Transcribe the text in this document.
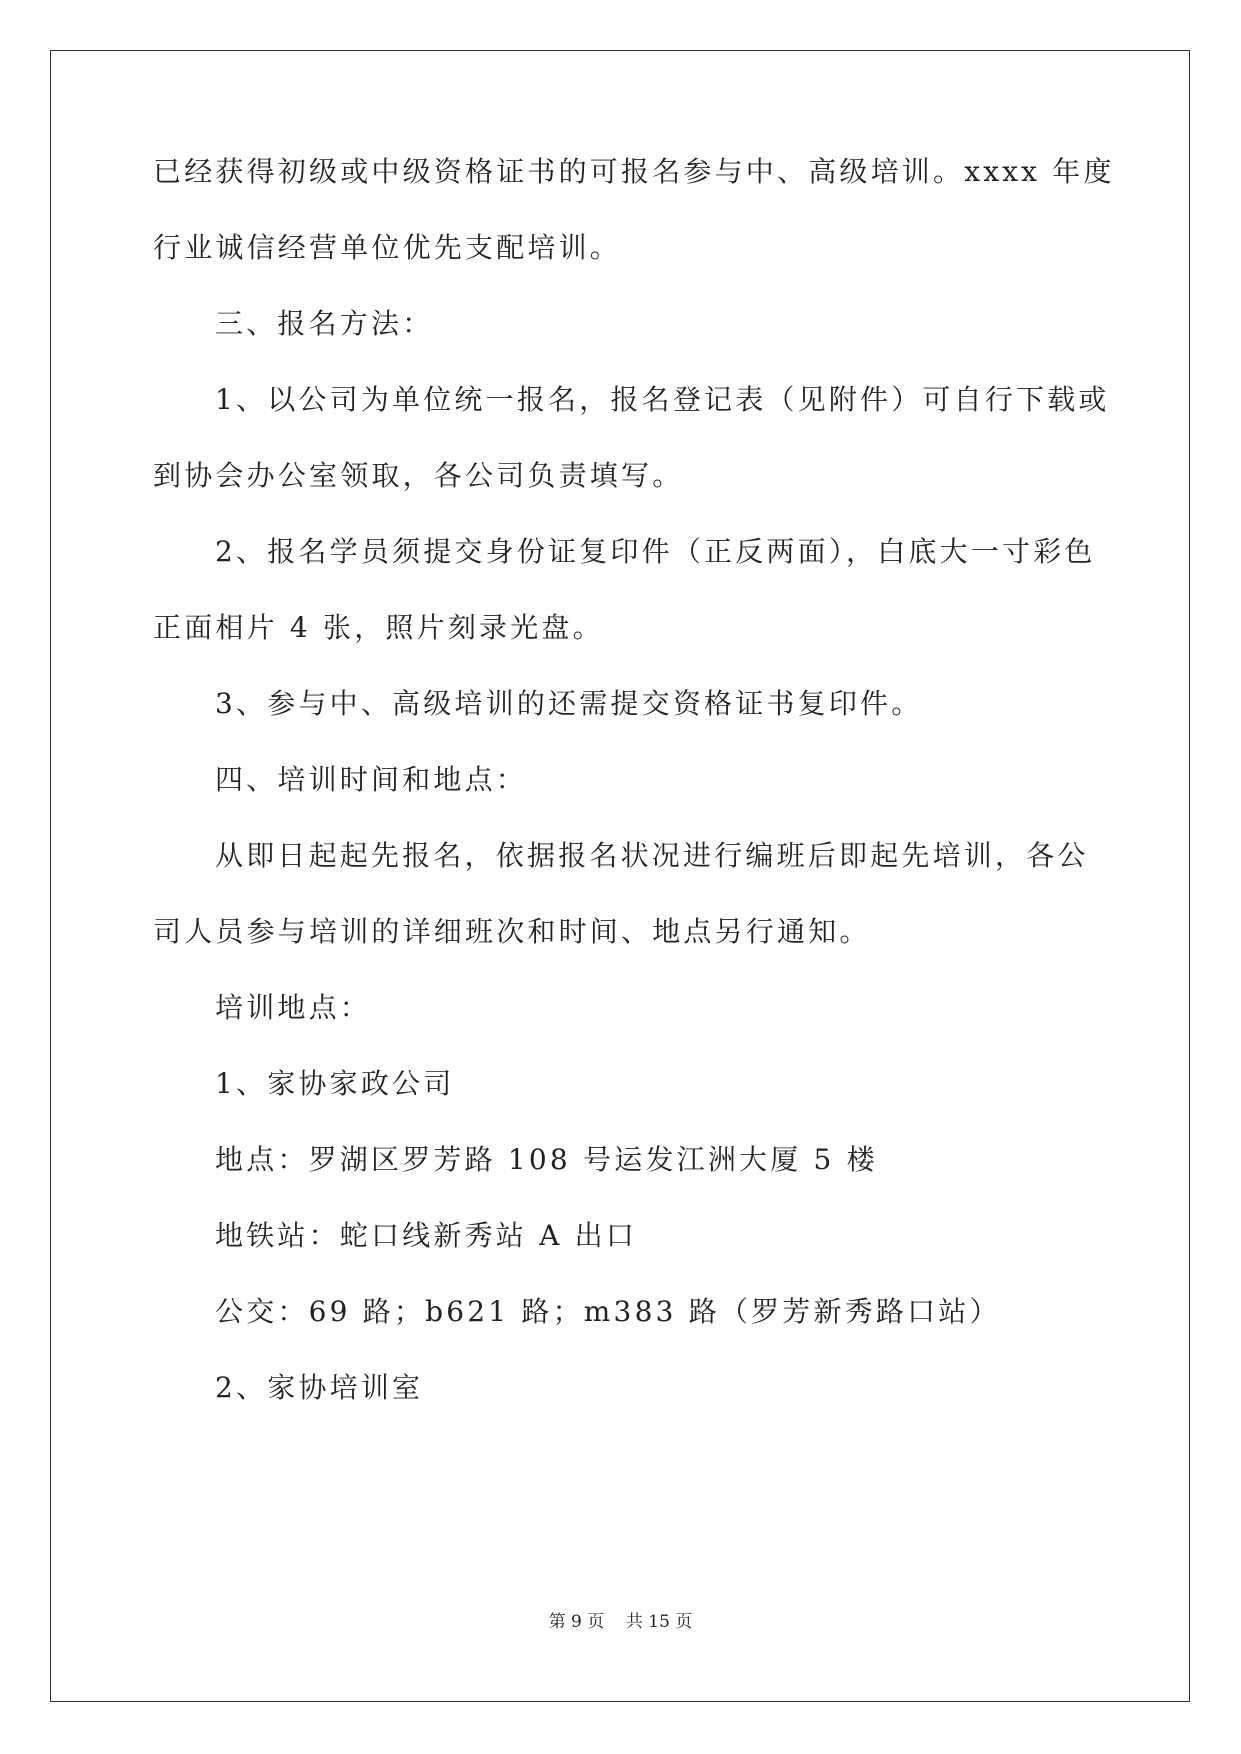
已经获得初级或中级资格证书的可报名参与中、高级培训。xxxx 年度
行业诚信经营单位优先支配培训。
三、报名方法：
1、以公司为单位统一报名，报名登记表（见附件）可自行下载或
到协会办公室领取，各公司负责填写。
2、报名学员须提交身份证复印件（正反两面），白底大一寸彩色
正面相片 4 张，照片刻录光盘。
3、参与中、高级培训的还需提交资格证书复印件。
四、培训时间和地点：
从即日起起先报名，依据报名状况进行编班后即起先培训，各公
司人员参与培训的详细班次和时间、地点另行通知。
培训地点：
1、家协家政公司
地点：罗湖区罗芳路 108 号运发江洲大厦 5 楼
地铁站：蛇口线新秀站 A 出口
公交：69 路；b621 路；m383 路（罗芳新秀路口站）
2、家协培训室
第 9 页 共 15 页
